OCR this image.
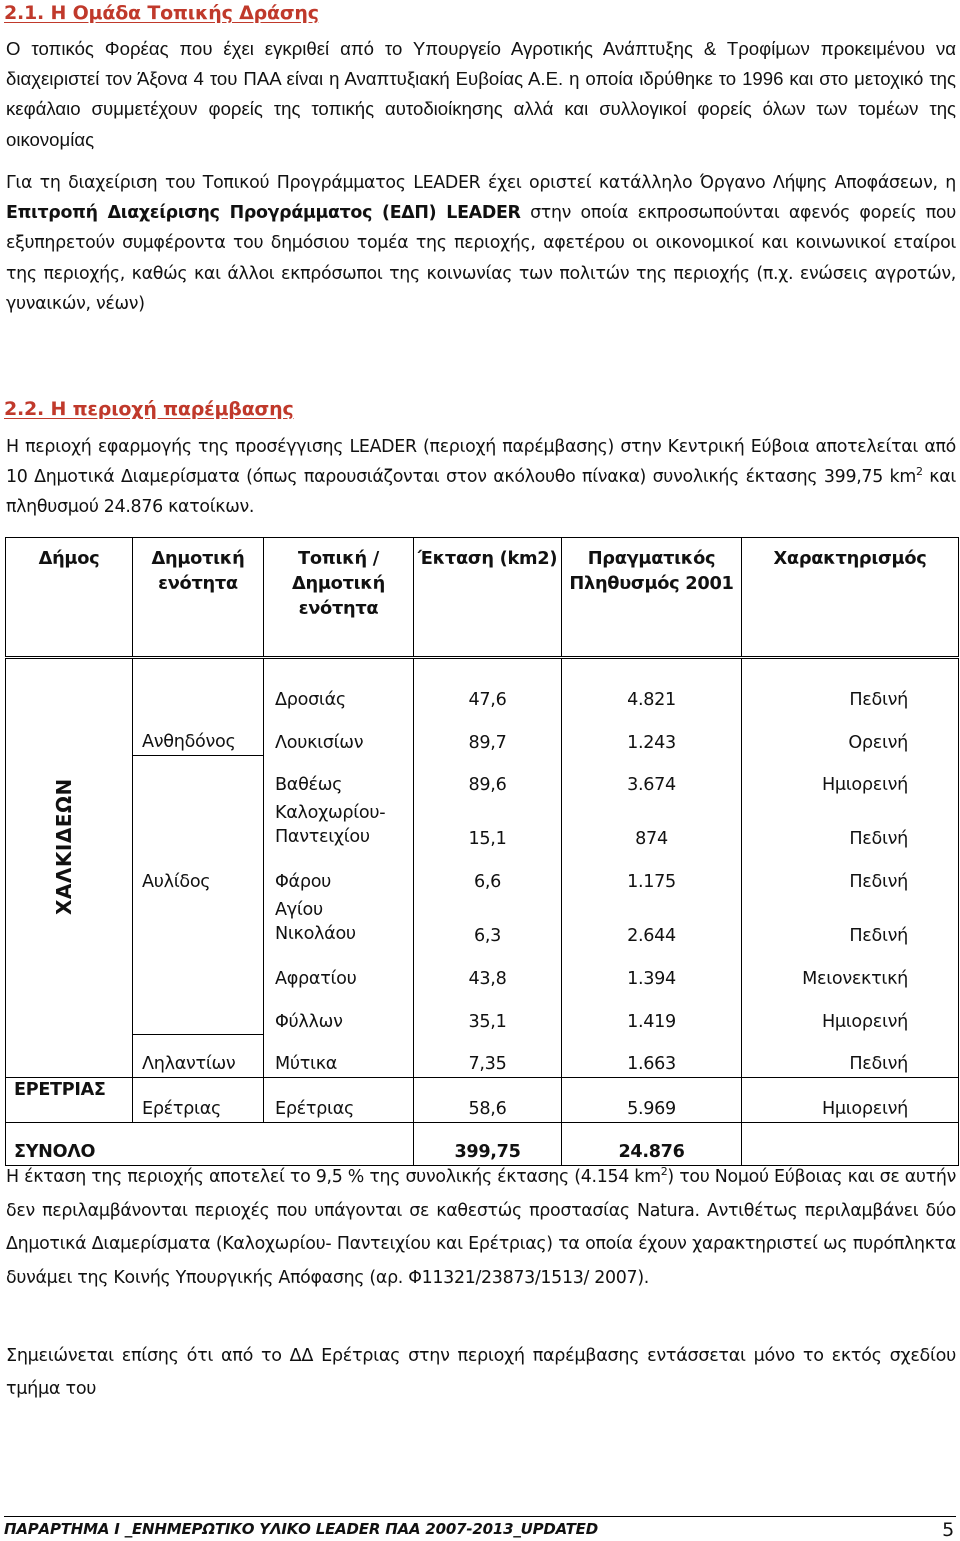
2.1. Η Ομάδα Τοπικής Δράσης

Ο τοπικός Φορέας που έχει εγκριθεί από το Υπουργείο Αγροτικής Ανάπτυξης & Τροφίμων προκειμένου να διαχειριστεί τον Άξονα 4 του ΠΑΑ είναι η Αναπτυξιακή Ευβοίας Α.Ε. η οποία ιδρύθηκε το 1996 και στο μετοχικό της κεφάλαιο συμμετέχουν φορείς της τοπικής αυτοδιοίκησης αλλά και συλλογικοί φορείς όλων των τομέων της οικονομίας

Για τη διαχείριση του Τοπικού Προγράμματος LEADER έχει οριστεί κατάλληλο Όργανο Λήψης Αποφάσεων, η Επιτροπή Διαχείρισης Προγράμματος (ΕΔΠ) LEADER στην οποία εκπροσωπούνται αφενός φορείς που εξυπηρετούν συμφέροντα του δημόσιου τομέα της περιοχής, αφετέρου οι οικονομικοί και κοινωνικοί εταίροι της περιοχής, καθώς και άλλοι εκπρόσωποι της κοινωνίας των πολιτών της περιοχής (π.χ. ενώσεις αγροτών, γυναικών, νέων)

2.2. Η περιοχή παρέμβασης

Η περιοχή εφαρμογής της προσέγγισης LEADER (περιοχή παρέμβασης) στην Κεντρική Εύβοια αποτελείται από 10 Δημοτικά Διαμερίσματα (όπως παρουσιάζονται στον ακόλουθο πίνακα) συνολικής έκτασης 399,75 $km^2$ και πληθυσμού 24.876 κατοίκων.

Δήμος	Δημοτική ενότητα	Τοπική /Δημοτική ενότητα	Έκταση (km2)	Πραγματικός Πληθυσμός 2001	Χαρακτηρισμός
		Δροσιάς	47,6	4.821	Πεδινή
	Ανθηδόνος	Λουκισίων	89,7	1.243	Ορεινή
		Βαθέως	89,6	3.674	Ημιορεινή
		Καλοχωρίου-
Παντειχίου	15,1	874	Πεδινή
	Αυλίδος	Φάρου	6,6	1.175	Πεδινή
		Αγίου
Νικολάου	6,3	2.644	Πεδινή
		Αφρατίου	43,8	1.394	Μειονεκτική
		Φύλλων	35,1	1.419	Ημιορεινή
	Ληλαντίων	Μύτικα	7,35	1.663	Πεδινή
ΕΡΕΤΡΙΑΣ	Ερέτριας	Ερέτριας	58,6	5.969	Ημιορεινή
ΣΥΝΟΛΟ			399,75	24.876	
ΧΑΛΚΙΔΕΩΝ

Η έκταση της περιοχής αποτελεί το 9,5 % της συνολικής έκτασης (4.154 $km^2$) του Νομού Εύβοιας και σε αυτήν δεν περιλαμβάνονται περιοχές που υπάγονται σε καθεστώς προστασίας Natura. Αντιθέτως περιλαμβάνει δύο Δημοτικά Διαμερίσματα (Καλοχωρίου- Παντειχίου και Ερέτριας) τα οποία έχουν χαρακτηριστεί ως πυρόπληκτα δυνάμει της Κοινής Υπουργικής Απόφασης (αρ. Φ11321/23873/1513/ 2007).

Σημειώνεται επίσης ότι από το ΔΔ Ερέτριας στην περιοχή παρέμβασης εντάσσεται μόνο το εκτός σχεδίου τμήμα του

ΠΑΡΑΡΤΗΜΑ Ι _ΕΝΗΜΕΡΩΤΙΚΟ ΥΛΙΚΟ LEADER ΠΑΑ 2007-2013_UPDATED	5
